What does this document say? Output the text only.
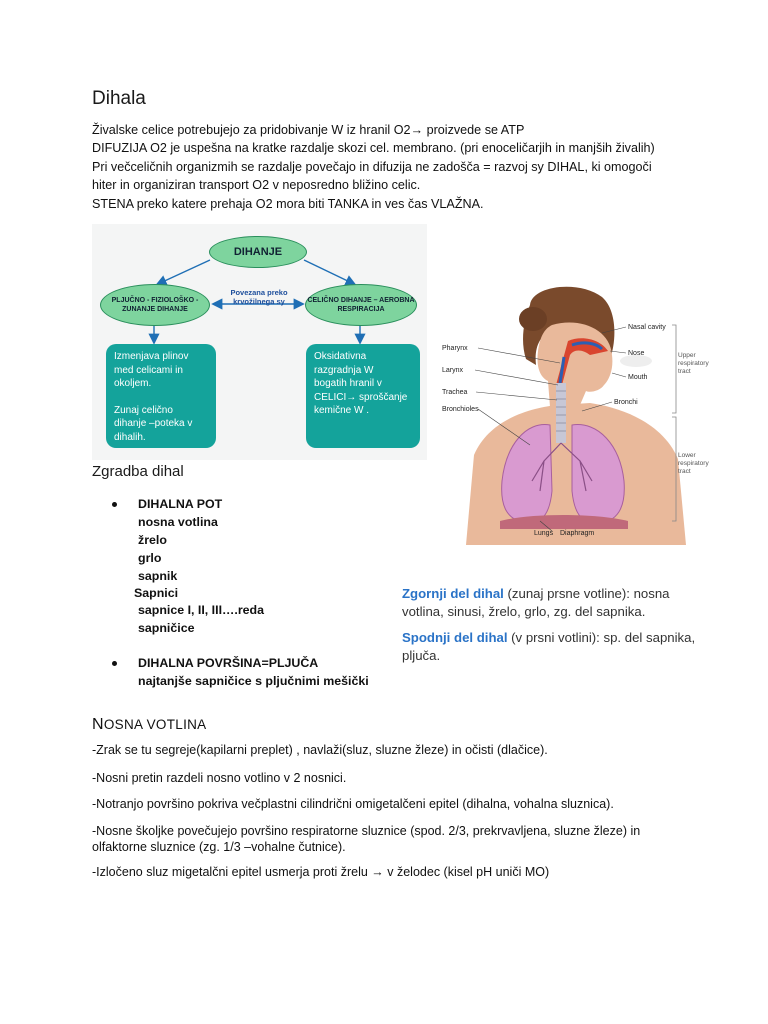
Dihala
Živalske celice potrebujejo za pridobivanje W iz hranil O2→ proizvede se ATP
DIFUZIJA O2 je uspešna na kratke razdalje skozi cel. membrano. (pri enoceličarjih in manjših živalih)
Pri večceličnih organizmih se razdalje povečajo in difuzija ne zadošča = razvoj sy DIHAL, ki omogoči
hiter in organiziran transport O2 v neposredno bližino celic.
STENA preko katere prehaja O2 mora biti TANKA in ves čas VLAŽNA.
DIHANJE
PLJUČNO - FIZIOLOŠKO - ZUNANJE DIHANJE
CELIČNO DIHANJE – AEROBNA RESPIRACIJA
Povezana preko krvožilnega sy
Izmenjava plinov
med celicami in
okoljem.
Zunaj celično
dihanje –poteka v
dihalih.
Oksidativna
razgradnja W
bogatih hranil v
CELICI→ sproščanje
kemične W .
Nasal cavity
Nose
Mouth
Pharynx
Larynx
Trachea
Bronchioles
Bronchi
Lungs Diaphragm
Upper
respiratory
tract
Lower
respiratory
tract
Zgradba dihal
DIHALNA POT
nosna votlina
žrelo
grlo
sapnik
Sapnici
sapnice I, II, III….reda
sapničice
DIHALNA POVRŠINA=PLJUČA
najtanjše sapničice s pljučnimi mešički
Zgornji del dihal (zunaj prsne votline): nosna votlina, sinusi, žrelo, grlo, zg. del sapnika.
Spodnji del dihal (v prsni votlini): sp. del sapnika, pljuča.
NOSNA VOTLINA
-Zrak se tu segreje(kapilarni preplet) , navlaži(sluz, sluzne žleze) in očisti (dlačice).
-Nosni pretin razdeli nosno votlino v 2 nosnici.
-Notranjo površino pokriva večplastni cilindrični omigetalčeni epitel (dihalna, vohalna sluznica).
-Nosne školjke povečujejo površino respiratorne sluznice (spod. 2/3, prekrvavljena, sluzne žleze) in
olfaktorne sluznice (zg. 1/3 –vohalne čutnice).
-Izločeno sluz migetalčni epitel usmerja proti žrelu → v želodec (kisel pH uniči MO)
